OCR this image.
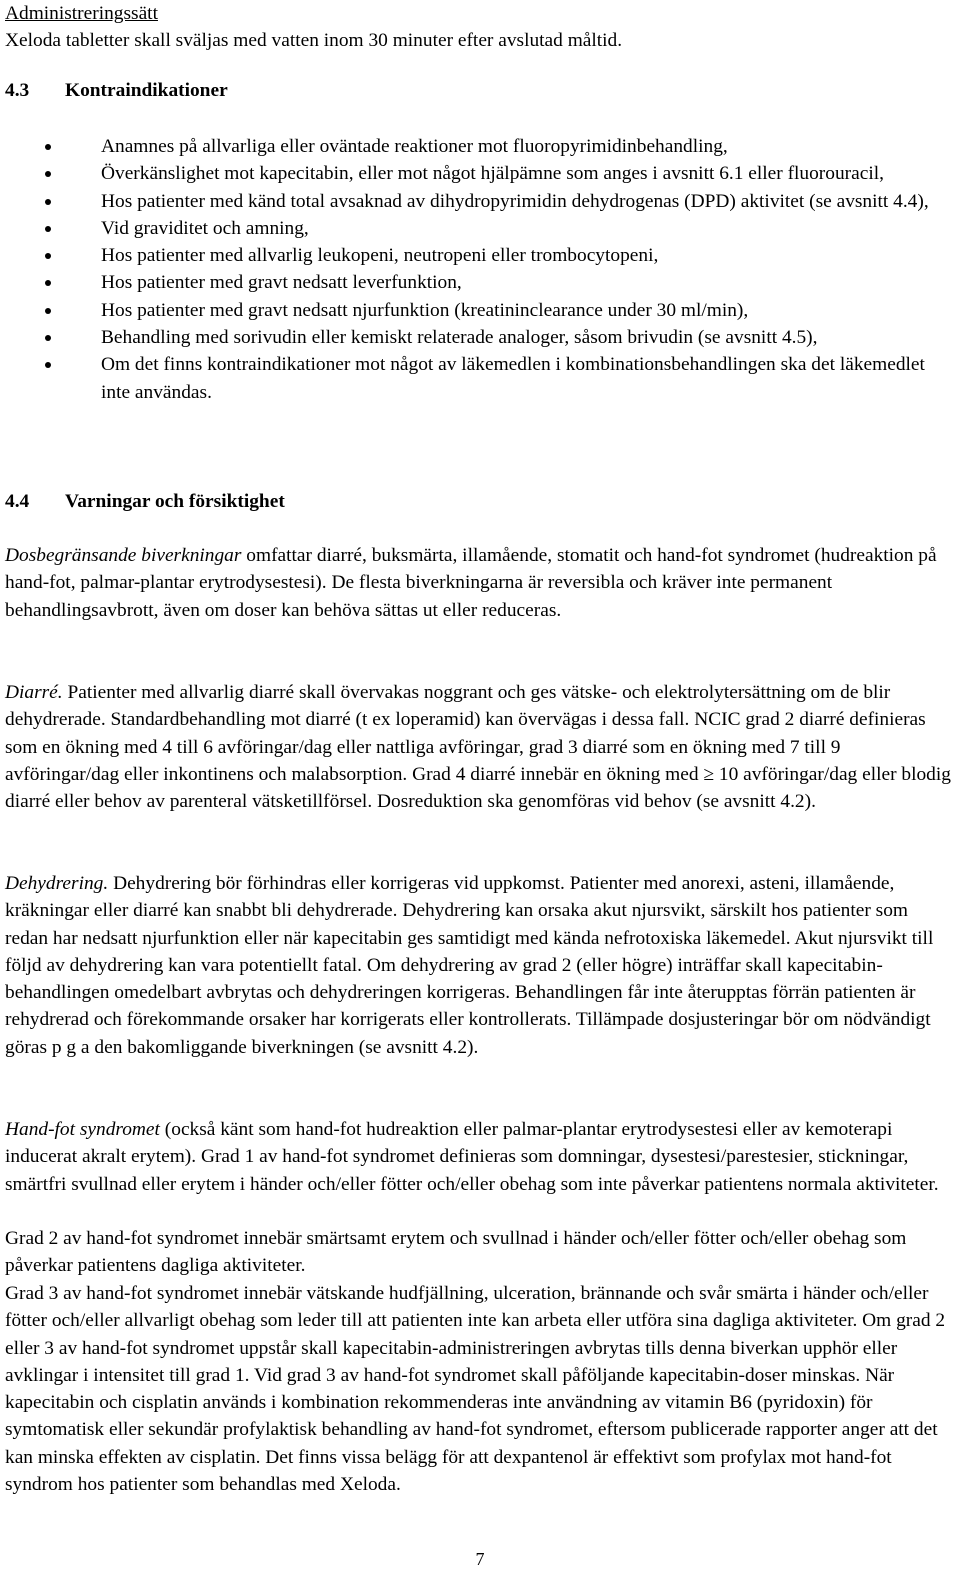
Administreringssätt
Xeloda tabletter skall sväljas med vatten inom 30 minuter efter avslutad måltid.
4.3 Kontraindikationer
Anamnes på allvarliga eller oväntade reaktioner mot fluoropyrimidinbehandling,
Överkänslighet mot kapecitabin, eller mot något hjälpämne som anges i avsnitt 6.1 eller fluorouracil,
Hos patienter med känd total avsaknad av dihydropyrimidin dehydrogenas (DPD) aktivitet (se avsnitt 4.4),
Vid graviditet och amning,
Hos patienter med allvarlig leukopeni, neutropeni eller trombocytopeni,
Hos patienter med gravt nedsatt leverfunktion,
Hos patienter med gravt nedsatt njurfunktion (kreatininclearance under 30 ml/min),
Behandling med sorivudin eller kemiskt relaterade analoger, såsom brivudin (se avsnitt 4.5),
Om det finns kontraindikationer mot något av läkemedlen i kombinationsbehandlingen ska det läkemedlet inte användas.
4.4 Varningar och försiktighet

Dosbegränsande biverkningar omfattar diarré, buksmärta, illamående, stomatit och hand-fot syndromet (hudreaktion på hand-fot, palmar-plantar erytrodysestesi). De flesta biverkningarna är reversibla och kräver inte permanent behandlingsavbrott, även om doser kan behöva sättas ut eller reduceras.

Diarré. Patienter med allvarlig diarré skall övervakas noggrant och ges vätske- och elektrolytersättning om de blir dehydrerade. Standardbehandling mot diarré (t ex loperamid) kan övervägas i dessa fall. NCIC grad 2 diarré definieras som en ökning med 4 till 6 avföringar/dag eller nattliga avföringar, grad 3 diarré som en ökning med 7 till 9 avföringar/dag eller inkontinens och malabsorption. Grad 4 diarré innebär en ökning med ≥ 10 avföringar/dag eller blodig diarré eller behov av parenteral vätsketillförsel. Dosreduktion ska genomföras vid behov (se avsnitt 4.2).

Dehydrering. Dehydrering bör förhindras eller korrigeras vid uppkomst. Patienter med anorexi, asteni, illamående, kräkningar eller diarré kan snabbt bli dehydrerade. Dehydrering kan orsaka akut njursvikt, särskilt hos patienter som redan har nedsatt njurfunktion eller när kapecitabin ges samtidigt med kända nefrotoxiska läkemedel. Akut njursvikt till följd av dehydrering kan vara potentiellt fatal. Om dehydrering av grad 2 (eller högre) inträffar skall kapecitabin-behandlingen omedelbart avbrytas och dehydreringen korrigeras. Behandlingen får inte återupptas förrän patienten är rehydrerad och förekommande orsaker har korrigerats eller kontrollerats. Tillämpade dosjusteringar bör om nödvändigt göras p g a den bakomliggande biverkningen (se avsnitt 4.2).

Hand-fot syndromet (också känt som hand-fot hudreaktion eller palmar-plantar erytrodysestesi eller av kemoterapi inducerat akralt erytem). Grad 1 av hand-fot syndromet definieras som domningar, dysestesi/parestesier, stickningar, smärtfri svullnad eller erytem i händer och/eller fötter och/eller obehag som inte påverkar patientens normala aktiviteter.

Grad 2 av hand-fot syndromet innebär smärtsamt erytem och svullnad i händer och/eller fötter och/eller obehag som påverkar patientens dagliga aktiviteter.

Grad 3 av hand-fot syndromet innebär vätskande hudfjällning, ulceration, brännande och svår smärta i händer och/eller fötter och/eller allvarligt obehag som leder till att patienten inte kan arbeta eller utföra sina dagliga aktiviteter. Om grad 2 eller 3 av hand-fot syndromet uppstår skall kapecitabin-administreringen avbrytas tills denna biverkan upphör eller avklingar i intensitet till grad 1. Vid grad 3 av hand-fot syndromet skall påföljande kapecitabin-doser minskas. När kapecitabin och cisplatin används i kombination rekommenderas inte användning av vitamin B6 (pyridoxin) för symtomatisk eller sekundär profylaktisk behandling av hand-fot syndromet, eftersom publicerade rapporter anger att det kan minska effekten av cisplatin. Det finns vissa belägg för att dexpantenol är effektivt som profylax mot hand-fot syndrom hos patienter som behandlas med Xeloda.

7
